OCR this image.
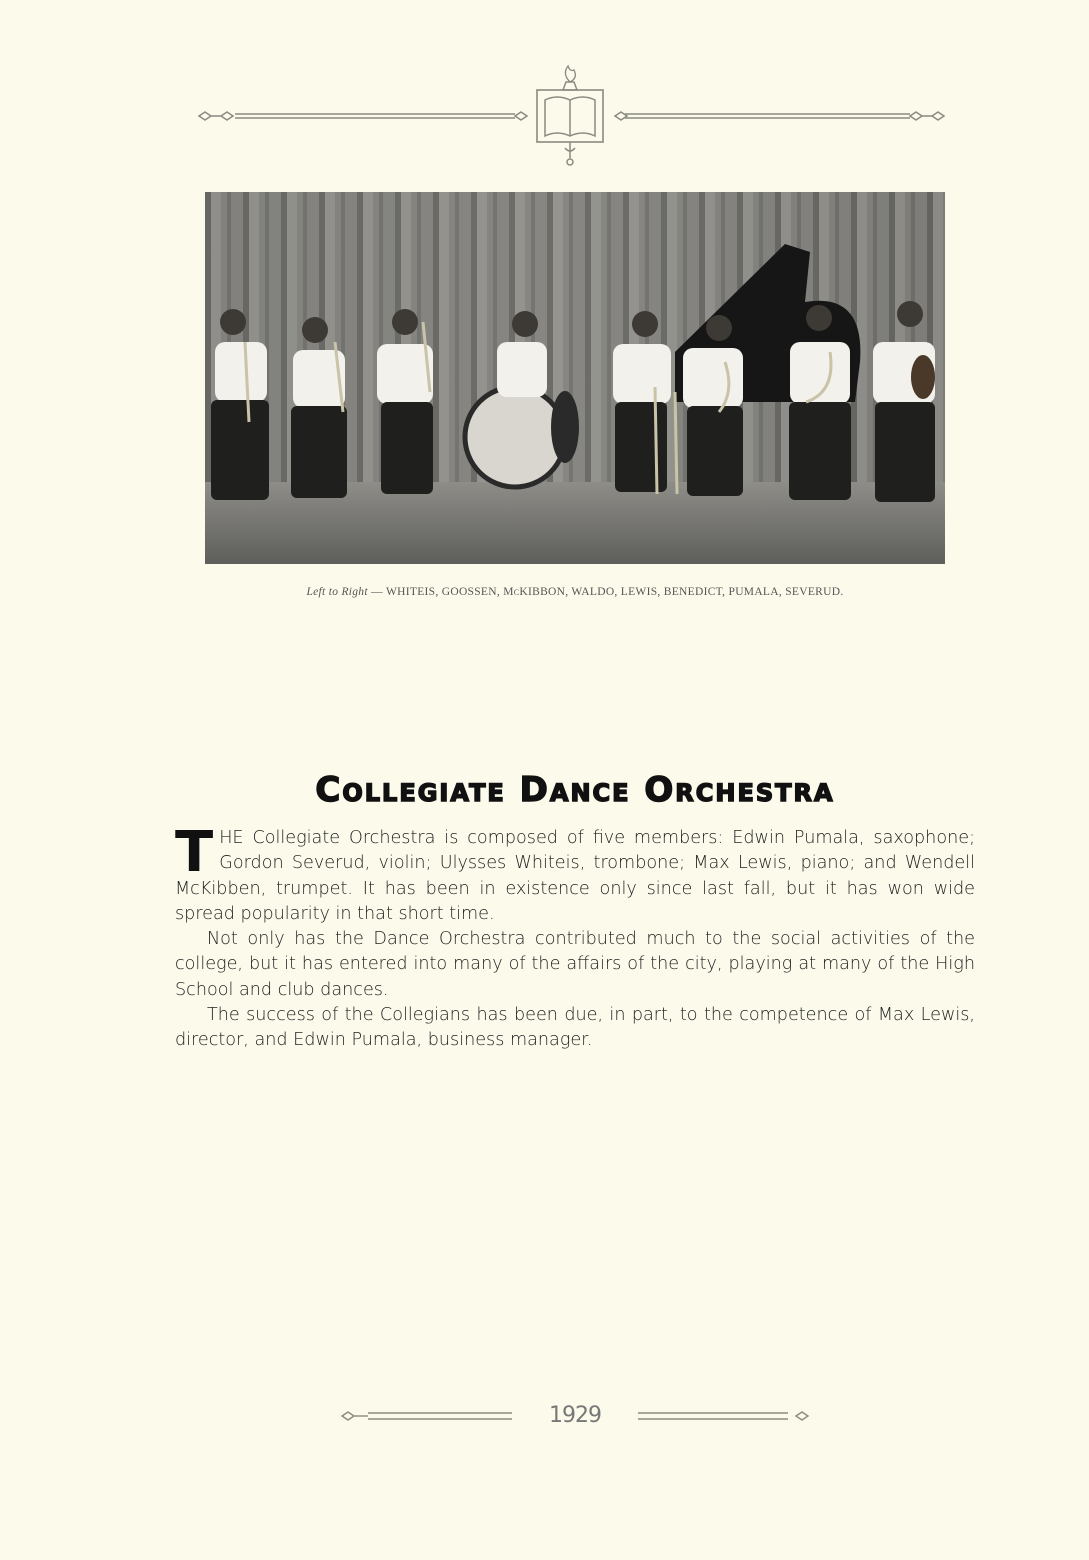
Left to Right — WHITEIS, GOOSSEN, McKIBBON, WALDO, LEWIS, BENEDICT, PUMALA, SEVERUD.
Collegiate Dance Orchestra

THE Collegiate Orchestra is composed of five members: Edwin Pumala, saxophone; Gordon Severud, violin; Ulysses Whiteis, trombone; Max Lewis, piano; and Wendell McKibben, trumpet. It has been in existence only since last fall, but it has won wide spread popularity in that short time.

Not only has the Dance Orchestra contributed much to the social activities of the college, but it has entered into many of the affairs of the city, playing at many of the High School and club dances.

The success of the Collegians has been due, in part, to the competence of Max Lewis, director, and Edwin Pumala, business manager.

1929
